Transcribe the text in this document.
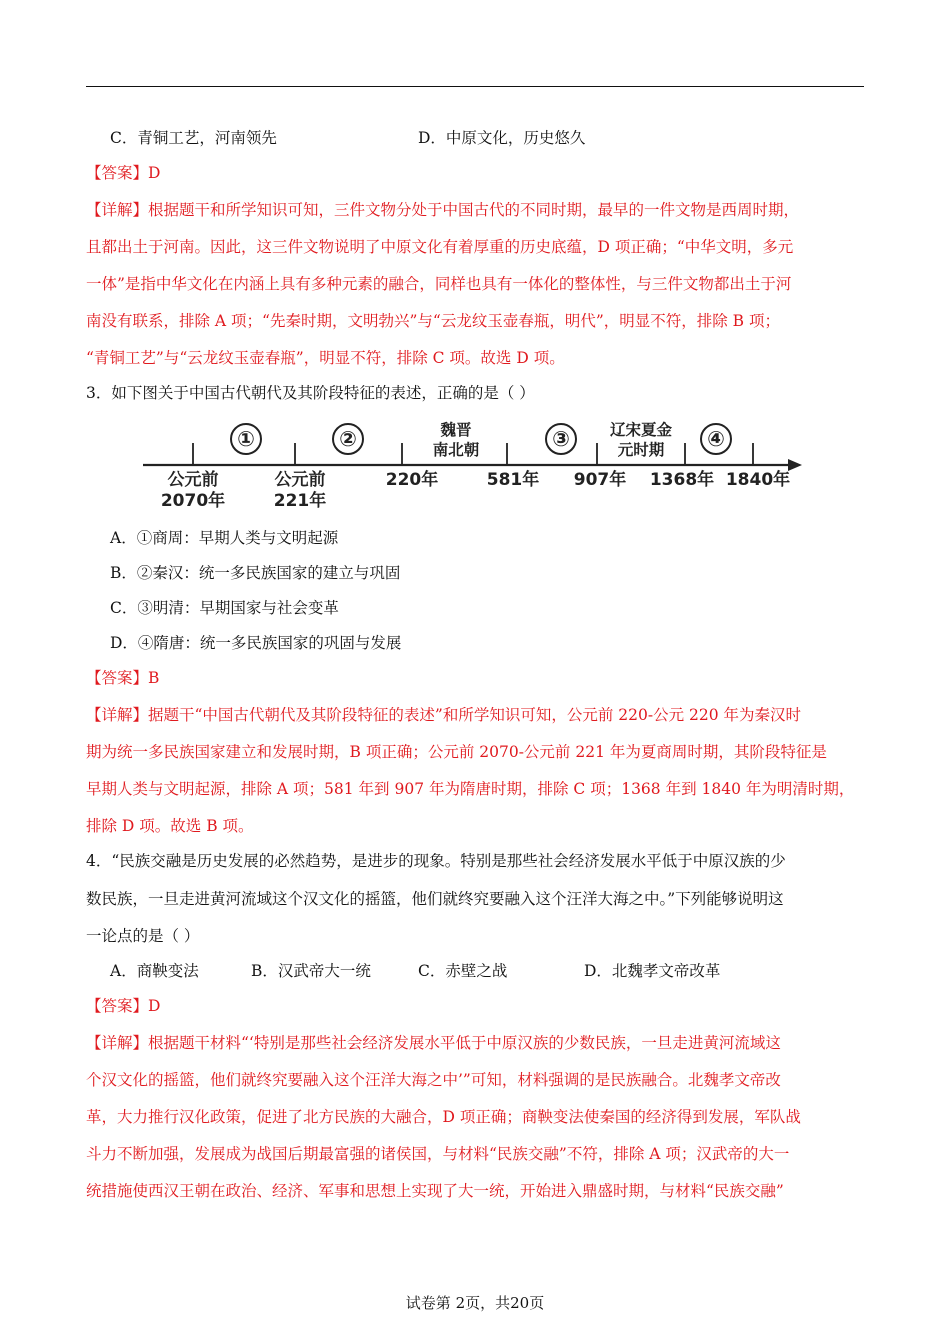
C．青铜工艺，河南领先	D．中原文化，历史悠久
【答案】D
【详解】根据题干和所学知识可知，三件文物分处于中国古代的不同时期，最早的一件文物是西周时期，
且都出土于河南。因此，这三件文物说明了中原文化有着厚重的历史底蕴，D 项正确；“中华文明，多元
一体”是指中华文化在内涵上具有多种元素的融合，同样也具有一体化的整体性，与三件文物都出土于河
南没有联系，排除 A 项；“先秦时期，文明勃兴”与“云龙纹玉壶春瓶，明代”，明显不符，排除 B 项；
“青铜工艺”与“云龙纹玉壶春瓶”，明显不符，排除 C 项。故选 D 项。
3．如下图关于中国古代朝代及其阶段特征的表述，正确的是（ ）
①	②	③	④
魏晋
南北朝
辽宋夏金
元时期
公元前
2070年
公元前
221年
220年	581年	907年	1368年 1840年
A．①商周：早期人类与文明起源
B．②秦汉：统一多民族国家的建立与巩固
C．③明清：早期国家与社会变革
D．④隋唐：统一多民族国家的巩固与发展
【答案】B
【详解】据题干“中国古代朝代及其阶段特征的表述”和所学知识可知，公元前 220-公元 220 年为秦汉时
期为统一多民族国家建立和发展时期，B 项正确；公元前 2070-公元前 221 年为夏商周时期，其阶段特征是
早期人类与文明起源，排除 A 项；581 年到 907 年为隋唐时期，排除 C 项；1368 年到 1840 年为明清时期，
排除 D 项。故选 B 项。
4．“民族交融是历史发展的必然趋势，是进步的现象。特别是那些社会经济发展水平低于中原汉族的少
数民族，一旦走进黄河流域这个汉文化的摇篮，他们就终究要融入这个汪洋大海之中。”下列能够说明这
一论点的是（ ）
A．商鞅变法	B．汉武帝大一统	C．赤壁之战	D．北魏孝文帝改革
【答案】D
【详解】根据题干材料“‘特别是那些社会经济发展水平低于中原汉族的少数民族，一旦走进黄河流域这
个汉文化的摇篮，他们就终究要融入这个汪洋大海之中’”可知，材料强调的是民族融合。北魏孝文帝改
革，大力推行汉化政策，促进了北方民族的大融合，D 项正确；商鞅变法使秦国的经济得到发展，军队战
斗力不断加强，发展成为战国后期最富强的诸侯国，与材料“民族交融”不符，排除 A 项；汉武帝的大一
统措施使西汉王朝在政治、经济、军事和思想上实现了大一统，开始进入鼎盛时期，与材料“民族交融”
试卷第 2页，共20页
